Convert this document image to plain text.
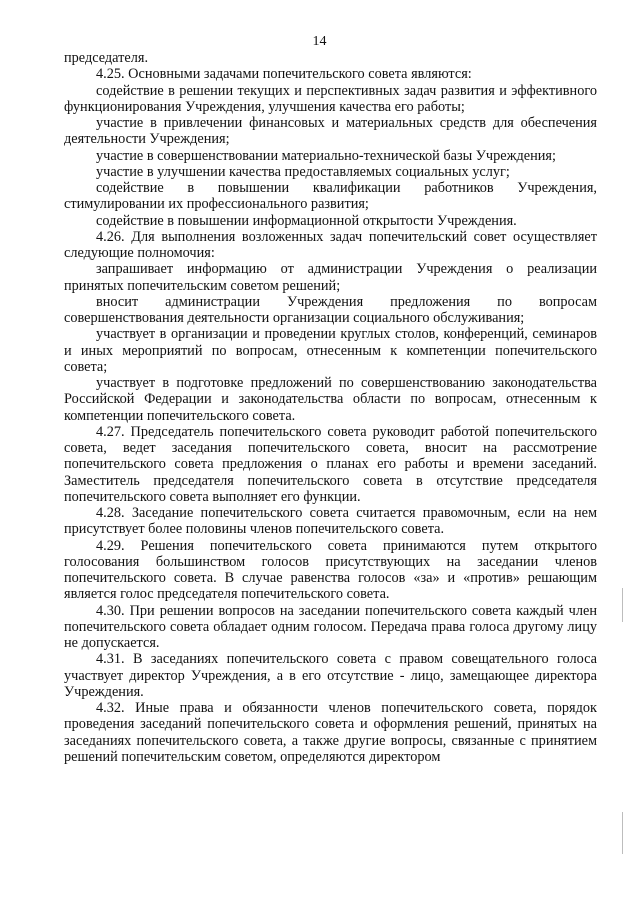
14

председателя.

4.25. Основными задачами попечительского совета являются:

содействие в решении текущих и перспективных задач развития и эффективного функционирования Учреждения, улучшения качества его работы;

участие в привлечении финансовых и материальных средств для обеспечения деятельности Учреждения;

участие в совершенствовании материально-технической базы Учреждения;

участие в улучшении качества предоставляемых социальных услуг;

содействие в повышении квалификации работников Учреждения, стимулировании их профессионального развития;

содействие в повышении информационной открытости Учреждения.

4.26. Для выполнения возложенных задач попечительский совет осуществляет следующие полномочия:

запрашивает информацию от администрации Учреждения о реализации принятых попечительским советом решений;

вносит администрации Учреждения предложения по вопросам совершенствования деятельности организации социального обслуживания;

участвует в организации и проведении круглых столов, конференций, семинаров и иных мероприятий по вопросам, отнесенным к компетенции попечительского совета;

участвует в подготовке предложений по совершенствованию законодательства Российской Федерации и законодательства области по вопросам, отнесенным к компетенции попечительского совета.

4.27. Председатель попечительского совета руководит работой попечительского совета, ведет заседания попечительского совета, вносит на рассмотрение попечительского совета предложения о планах его работы и времени заседаний. Заместитель председателя попечительского совета в отсутствие председателя попечительского совета выполняет его функции.

4.28. Заседание попечительского совета считается правомочным, если на нем присутствует более половины членов попечительского совета.

4.29. Решения попечительского совета принимаются путем открытого голосования большинством голосов присутствующих на заседании членов попечительского совета. В случае равенства голосов «за» и «против» решающим является голос председателя попечительского совета.

4.30. При решении вопросов на заседании попечительского совета каждый член попечительского совета обладает одним голосом. Передача права голоса другому лицу не допускается.

4.31. В заседаниях попечительского совета с правом совещательного голоса участвует директор Учреждения, а в его отсутствие - лицо, замещающее директора Учреждения.

4.32. Иные права и обязанности членов попечительского совета, порядок проведения заседаний попечительского совета и оформления решений, принятых на заседаниях попечительского совета, а также другие вопросы, связанные с принятием решений попечительским советом, определяются директором
